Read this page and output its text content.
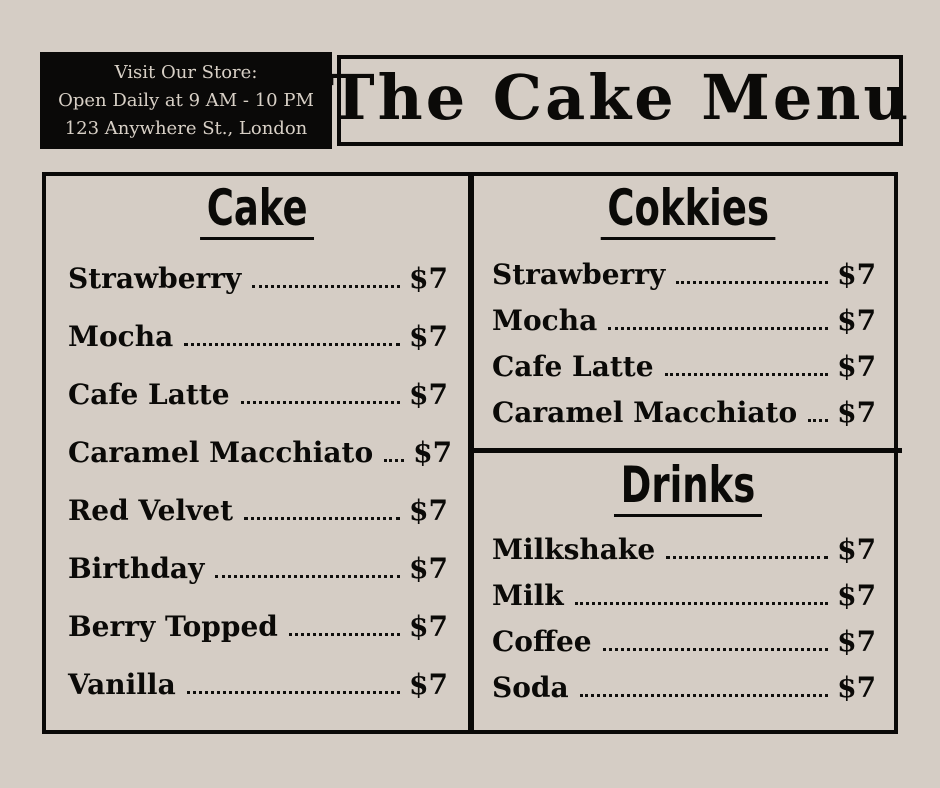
Visit Our Store:
Open Daily at 9 AM - 10 PM
123 Anywhere St., London The Cake Menu
Cake
Strawberry	$7
Mocha	$7
Cafe Latte	$7
Caramel Macchiato $7
Red Velvet	$7
Birthday	$7
Berry Topped	$7
Vanilla	$7
Cokkies
Strawberry	$7
Mocha	$7
Cafe Latte	$7
Caramel Macchiato $7
Drinks
Milkshake	$7
Milk	$7
Coffee	$7
Soda	$7
